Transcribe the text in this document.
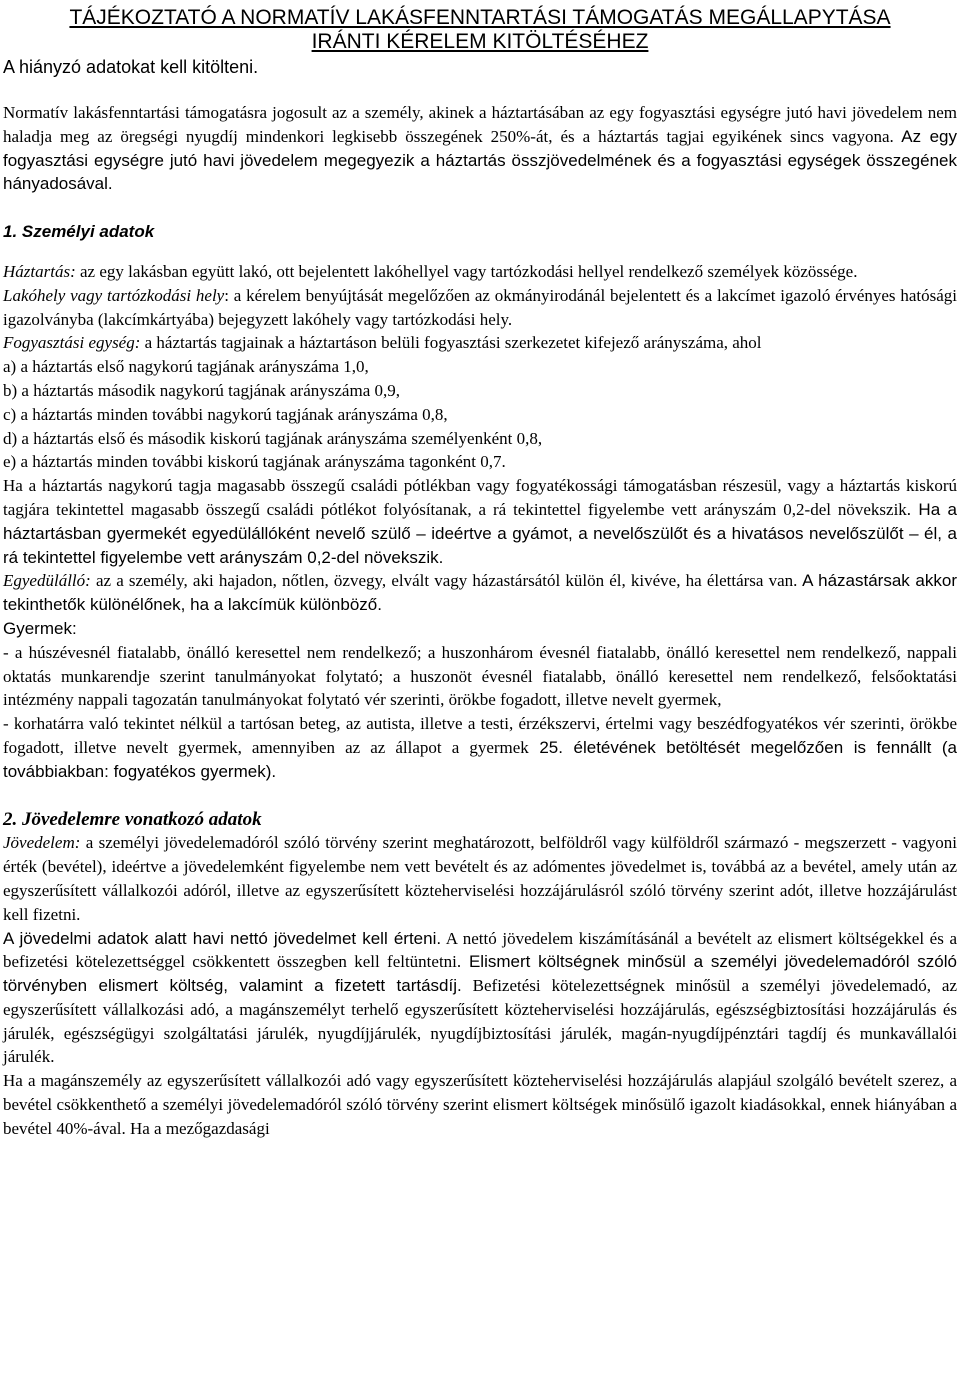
TÁJÉKOZTATÓ A NORMATÍV LAKÁSFENNTARTÁSI TÁMOGATÁS MEGÁLLAPYTÁSA
IRÁNTI KÉRELEM KITÖLTÉSÉHEZ

A hiányzó adatokat kell kitölteni.

Normatív lakásfenntartási támogatásra jogosult az a személy, akinek a háztartásában az egy fogyasztási egységre jutó havi jövedelem nem haladja meg az öregségi nyugdíj mindenkori legkisebb összegének 250%-át, és a háztartás tagjai egyikének sincs vagyona. Az egy fogyasztási egységre jutó havi jövedelem megegyezik a háztartás összjövedelmének és a fogyasztási egységek összegének hányadosával.

1. Személyi adatok

Háztartás: az egy lakásban együtt lakó, ott bejelentett lakóhellyel vagy tartózkodási hellyel rendelkező személyek közössége.

Lakóhely vagy tartózkodási hely: a kérelem benyújtását megelőzően az okmányirodánál bejelentett és a lakcímet igazoló érvényes hatósági igazolványba (lakcímkártyába) bejegyzett lakóhely vagy tartózkodási hely.

Fogyasztási egység: a háztartás tagjainak a háztartáson belüli fogyasztási szerkezetet kifejező arányszáma, ahol

a) a háztartás első nagykorú tagjának arányszáma 1,0,

b) a háztartás második nagykorú tagjának arányszáma 0,9,

c) a háztartás minden további nagykorú tagjának arányszáma 0,8,

d) a háztartás első és második kiskorú tagjának arányszáma személyenként 0,8,

e) a háztartás minden további kiskorú tagjának arányszáma tagonként 0,7.

Ha a háztartás nagykorú tagja magasabb összegű családi pótlékban vagy fogyatékossági támogatásban részesül, vagy a háztartás kiskorú tagjára tekintettel magasabb összegű családi pótlékot folyósítanak, a rá tekintettel figyelembe vett arányszám 0,2-del növekszik. Ha a háztartásban gyermekét egyedülállóként nevelő szülő – ideértve a gyámot, a nevelőszülőt és a hivatásos nevelőszülőt – él, a rá tekintettel figyelembe vett arányszám 0,2-del növekszik.

Egyedülálló: az a személy, aki hajadon, nőtlen, özvegy, elvált vagy házastársától külön él, kivéve, ha élettársa van. A házastársak akkor tekinthetők különélőnek, ha a lakcímük különböző.

Gyermek:

- a húszévesnél fiatalabb, önálló keresettel nem rendelkező; a huszonhárom évesnél fiatalabb, önálló keresettel nem rendelkező, nappali oktatás munkarendje szerint tanulmányokat folytató; a huszonöt évesnél fiatalabb, önálló keresettel nem rendelkező, felsőoktatási intézmény nappali tagozatán tanulmányokat folytató vér szerinti, örökbe fogadott, illetve nevelt gyermek,

- korhatárra való tekintet nélkül a tartósan beteg, az autista, illetve a testi, érzékszervi, értelmi vagy beszédfogyatékos vér szerinti, örökbe fogadott, illetve nevelt gyermek, amennyiben az az állapot a gyermek 25. életévének betöltését megelőzően is fennállt (a továbbiakban: fogyatékos gyermek).

2. Jövedelemre vonatkozó adatok

Jövedelem: a személyi jövedelemadóról szóló törvény szerint meghatározott, belföldről vagy külföldről származó - megszerzett - vagyoni érték (bevétel), ideértve a jövedelemként figyelembe nem vett bevételt és az adómentes jövedelmet is, továbbá az a bevétel, amely után az egyszerűsített vállalkozói adóról, illetve az egyszerűsített közteherviselési hozzájárulásról szóló törvény szerint adót, illetve hozzájárulást kell fizetni.

A jövedelmi adatok alatt havi nettó jövedelmet kell érteni. A nettó jövedelem kiszámításánál a bevételt az elismert költségekkel és a befizetési kötelezettséggel csökkentett összegben kell feltüntetni. Elismert költségnek minősül a személyi jövedelemadóról szóló törvényben elismert költség, valamint a fizetett tartásdíj. Befizetési kötelezettségnek minősül a személyi jövedelemadó, az egyszerűsített vállalkozási adó, a magánszemélyt terhelő egyszerűsített közteherviselési hozzájárulás, egészségbiztosítási hozzájárulás és járulék, egészségügyi szolgáltatási járulék, nyugdíjjárulék, nyugdíjbiztosítási járulék, magán-nyugdíjpénztári tagdíj és munkavállalói járulék.

Ha a magánszemély az egyszerűsített vállalkozói adó vagy egyszerűsített közteherviselési hozzájárulás alapjául szolgáló bevételt szerez, a bevétel csökkenthető a személyi jövedelemadóról szóló törvény szerint elismert költségek minősülő igazolt kiadásokkal, ennek hiányában a bevétel 40%-ával. Ha a mezőgazdasági
